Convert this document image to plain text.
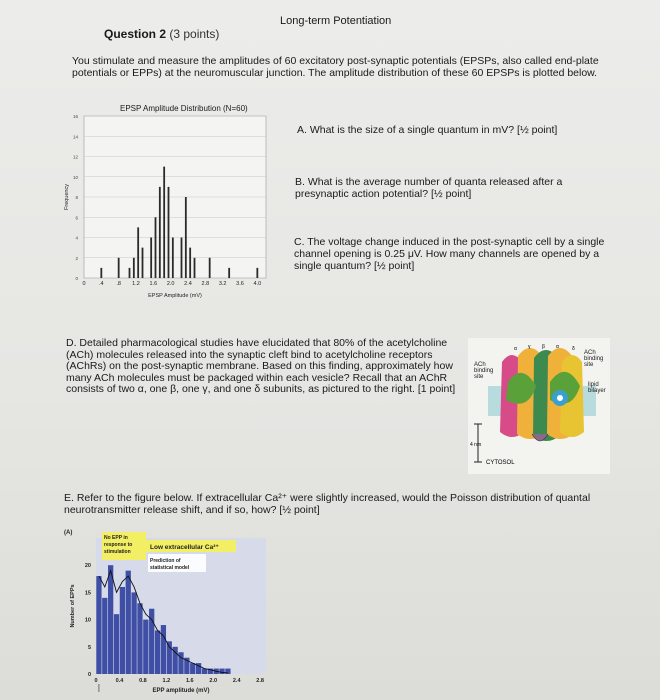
Long-term Potentiation
Question 2 (3 points)
You stimulate and measure the amplitudes of 60 excitatory post-synaptic potentials (EPSPs, also called end-plate potentials or EPPs) at the neuromuscular junction. The amplitude distribution of these 60 EPSPs is plotted below.
EPSP Amplitude Distribution (N=60)
0
2
4
6
8
10
12
14
16
0 .4 .8 1.2 1.6 2.0 2.4 2.8 3.2 3.6 4.0
EPSP Amplitude (mV)
Frequency
A. What is the size of a single quantum in mV? [½ point]
B. What is the average number of quanta released after a presynaptic action potential? [½ point]
C. The voltage change induced in the post-synaptic cell by a single channel opening is 0.25 μV. How many channels are opened by a single quantum? [½ point]
D. Detailed pharmacological studies have elucidated that 80% of the acetylcholine (ACh) molecules released into the synaptic cleft bind to acetylcholine receptors (AChRs) on the post-synaptic membrane. Based on this finding, approximately how many ACh molecules must be packaged within each vesicle? Recall that an AChR consists of two α, one β, one γ, and one δ subunits, as pictured to the right. [1 point]
4 nm
CYTOSOL
α γ β α	δ
ACh binding site
ACh binding site
lipid bilayer
E. Refer to the figure below. If extracellular Ca²⁺ were slightly increased, would the Poisson distribution of quantal neurotransmitter release shift, and if so, how? [½ point]
(A)
0
5
10
15
20
0	0.4	0.8	1.2	1.6	2.0	2.4	2.8
No EPP in
response to
stimulation
Low extracellular Ca²⁺
Prediction of
statistical model
EPP amplitude (mV)
Number of EPPs
